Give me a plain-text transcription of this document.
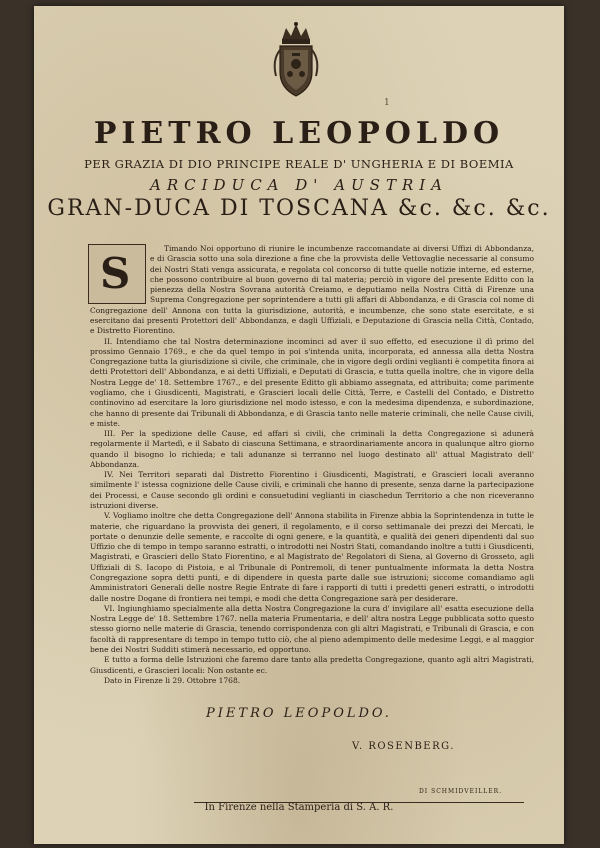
1
PIETRO LEOPOLDO
PER GRAZIA DI DIO PRINCIPE REALE D' UNGHERIA E DI BOEMIA
ARCIDUCA D' AUSTRIA
GRAN-DUCA DI TOSCANA &c. &c. &c.

Timando Noi opportuno di riunire le incumbenze raccomandate ai diversi Uffizi di Abbondanza, e di Grascia sotto una sola direzione a fine che la provvista delle Vettovaglie necessarie al consumo dei Nostri Stati venga assicurata, e regolata col concorso di tutte quelle notizie interne, ed esterne, che possono contribuire al buon governo di tal materia; perciò in vigore del presente Editto con la pienezza della Nostra Sovrana autorità Creiamo, e deputiamo nella Nostra Città di Firenze una Suprema Congregazione per soprintendere a tutti gli affari di Abbondanza, e di Grascia col nome di Congregazione dell' Annona con tutta la giurisdizione, autorità, e incumbenze, che sono state esercitate, e si esercitano dai presenti Protettori dell' Abbondanza, e dagli Uffiziali, e Deputazione di Grascia nella Città, Contado, e Distretto Fiorentino.

II. Intendiamo che tal Nostra determinazione incominci ad aver il suo effetto, ed esecuzione il dì primo del prossimo Gennaio 1769., e che da quel tempo in poi s'intenda unita, incorporata, ed annessa alla detta Nostra Congregazione tutta la giurisdizione sì civile, che criminale, che in vigore degli ordini veglianti è competita finora ai detti Protettori dell' Abbondanza, e ai detti Uffiziali, e Deputati di Grascia, e tutta quella inoltre, che in vigore della Nostra Legge de' 18. Settembre 1767., e del presente Editto gli abbiamo assegnata, ed attribuita; come parimente vogliamo, che i Giusdicenti, Magistrati, e Grascieri locali delle Città, Terre, e Castelli del Contado, e Distretto continovino ad esercitare la loro giurisdizione nel modo istesso, e con la medesima dipendenza, e subordinazione, che hanno di presente dai Tribunali di Abbondanza, e di Grascia tanto nelle materie criminali, che nelle Cause civili, e miste.

III. Per la spedizione delle Cause, ed affari sì civili, che criminali la detta Congregazione si adunerà regolarmente il Martedì, e il Sabato di ciascuna Settimana, e straordinariamente ancora in qualunque altro giorno quando il bisogno lo richieda; e tali adunanze si terranno nel luogo destinato all' attual Magistrato dell' Abbondanza.

IV. Nei Territori separati dal Distretto Fiorentino i Giusdicenti, Magistrati, e Grascieri locali averanno similmente l' istessa cognizione delle Cause civili, e criminali che hanno di presente, senza darne la partecipazione dei Processi, e Cause secondo gli ordini e consuetudini veglianti in ciaschedun Territorio a che non riceveranno istruzioni diverse.

V. Vogliamo inoltre che detta Congregazione dell' Annona stabilita in Firenze abbia la Soprintendenza in tutte le materie, che riguardano la provvista dei generi, il regolamento, e il corso settimanale dei prezzi dei Mercati, le portate o denunzie delle semente, e raccolte di ogni genere, e la quantità, e qualità dei generi dipendenti dal suo Uffizio che di tempo in tempo saranno estratti, o introdotti nei Nostri Stati, comandando inoltre a tutti i Giusdicenti, Magistrati, e Grascieri dello Stato Fiorentino, e al Magistrato de' Regolatori di Siena, al Governo di Grosseto, agli Uffiziali di S. Iacopo di Pistoia, e al Tribunale di Pontremoli, di tener puntualmente informata la detta Nostra Congregazione sopra detti punti, e di dipendere in questa parte dalle sue istruzioni; siccome comandiamo agli Amministratori Generali delle nostre Regie Entrate di fare i rapporti di tutti i predetti generi estratti, o introdotti dalle nostre Dogane di frontiera nei tempi, e modi che detta Congregazione sarà per desiderare.

VI. Ingiunghiamo specialmente alla detta Nostra Congregazione la cura d' invigilare all' esatta esecuzione della Nostra Legge de' 18. Settembre 1767. nella materia Frumentaria, e dell' altra nostra Legge pubblicata sotto questo stesso giorno nelle materie di Grascia, tenendo corrispondenza con gli altri Magistrati, e Tribunali di Grascia, e con facoltà di rappresentare di tempo in tempo tutto ciò, che al pieno adempimento delle medesime Leggi, e al maggior bene dei Nostri Sudditi stimerà necessario, ed opportuno.

E tutto a forma delle Istruzioni che faremo dare tanto alla predetta Congregazione, quanto agli altri Magistrati, Giusdicenti, e Grascieri locali: Non ostante ec.

Dato in Firenze li 29. Ottobre 1768.

S
PIETRO LEOPOLDO.
V. ROSENBERG.
DI SCHMIDVEILLER.
In Firenze nella Stamperia di S. A. R.
